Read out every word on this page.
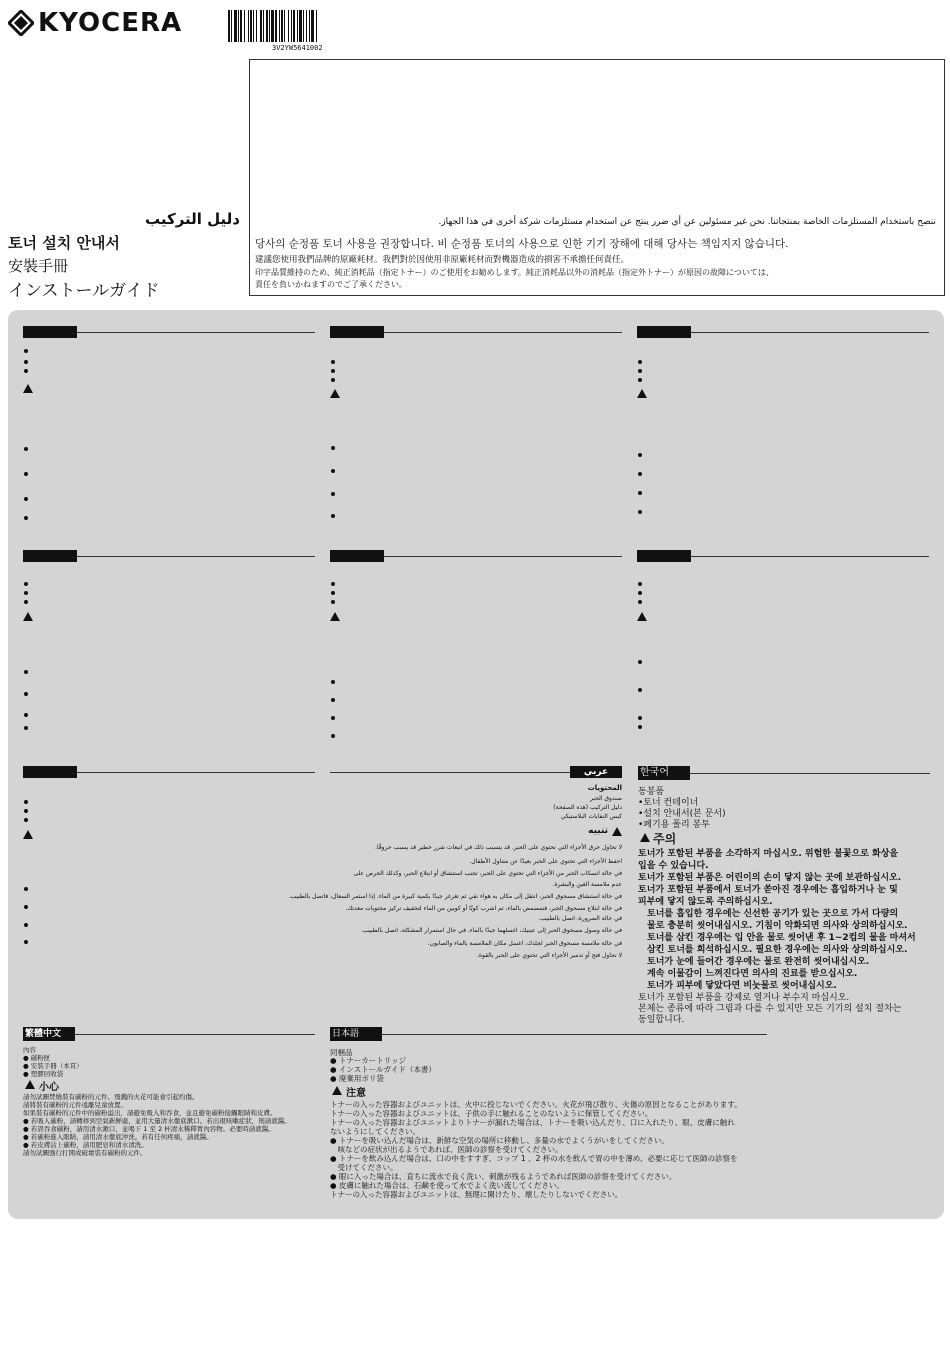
KYOCERA
3V2YW5641002
دليل التركيب
토너 설치 안내서
安裝手冊
インストールガイド
ننصح باستخدام المستلزمات الخاصة بمنتجاتنا. نحن غير مسئولين عن أي ضرر ينتج عن استخدام مستلزمات شركة أخرى في هذا الجهاز.
당사의 순정품 토너 사용을 권장합니다. 비 순정품 토너의 사용으로 인한 기기 장해에 대해 당사는 책임지지 않습니다.
建議您使用我們品牌的原廠耗材。我們對於因使用非原廠耗材而對機器造成的損害不承擔任何責任。
印字品質維持のため、純正消耗品（指定トナー）のご使用をお勧めします。純正消耗品以外の消耗品（指定外トナー）が原因の故障については、
責任を負いかねますのでご了承ください。
عربي
المحتويات
صندوق الحبر
دليل التركيب (هذه الصفحة)
كيس النفايات البلاستيكي
تنبيه
لا تحاول حرق الأجزاء التي تحتوي على الحبر. قد يتسبب ذلك في انبعاث شرر خطير قد يسبب حروقًا.
احفظ الأجزاء التي تحتوي على الحبر بعيدًا عن متناول الأطفال.
في حالة انسكاب الحبر من الأجزاء التي تحتوي على الحبر، تجنب استنشاق أو ابتلاع الحبر، وكذلك الحرص على
عدم ملامسة العين والبشرة.
في حالة استنشاق مسحوق الحبر، انتقل إلى مكان به هواء نقي ثم تغرغر جيدًا بكمية كبيرة من الماء. إذا استمر السعال، فاتصل بالطبيب.
في حالة ابتلاع مسحوق الحبر، فتمضمض بالماء، ثم اشرب كوبًا أو كوبين من الماء لتخفيف تركيز محتويات معدتك.
في حالة الضرورة، اتصل بالطبيب.
في حالة وصول مسحوق الحبر إلى عينيك، اغسلهما جيدًا بالماء. في حال استمرار المشكلة، اتصل بالطبيب.
في حالة ملامسة مسحوق الحبر لجلدك، اغسل مكان الملامسة بالماء والصابون.
لا تحاول فتح أو تدمير الأجزاء التي تحتوي على الحبر بالقوة.
한국어
동봉품
•토너 컨테이너
•설치 안내서(본 문서)
•폐기용 폴리 봉투
주의
토너가 포함된 부품을 소각하지 마십시오. 위험한 불꽃으로 화상을
입을 수 있습니다.
토너가 포함된 부품은 어린이의 손이 닿지 않는 곳에 보관하십시오.
토너가 포함된 부품에서 토너가 쏟아진 경우에는 흡입하거나 눈 및
피부에 닿지 않도록 주의하십시오.
토너를 흡입한 경우에는 신선한 공기가 있는 곳으로 가서 다량의
물로 충분히 씻어내십시오. 기침이 악화되면 의사와 상의하십시오.
토너를 삼킨 경우에는 입 안을 물로 씻어낸 후 1~2컵의 물을 마셔서
삼킨 토너를 희석하십시오. 필요한 경우에는 의사와 상의하십시오.
토너가 눈에 들어간 경우에는 물로 완전히 씻어내십시오.
계속 이물감이 느껴진다면 의사의 진료를 받으십시오.
토너가 피부에 닿았다면 비눗물로 씻어내십시오.
토너가 포함된 부품을 강제로 열거나 부수지 마십시오.
본체는 종류에 따라 그림과 다를 수 있지만 모든 기기의 설치 절차는
동일합니다.
繁體中文
內容
● 碳粉匣
● 安裝手冊（本頁）
● 塑膠回收袋
小心
請勿試圖焚燒裝有碳粉的元件。飛濺的火花可能會引起灼傷。
請將裝有碳粉的元件遠離兒童放置。
如果裝有碳粉的元件中的碳粉溢出，請避免吸入和吞食，並且避免碳粉接觸眼睛和皮膚。
● 若吸入碳粉，請轉移到空氣新鮮處，並用大量清水徹底漱口。若出現咳嗽症狀，則請就醫。
● 若誤吞食碳粉，請用清水漱口，並喝下 1 至 2 杯清水稀釋胃內容物。必要時請就醫。
● 若碳粉進入眼睛，請用清水徹底沖洗。若有任何疼痛，請就醫。
● 若皮膚沾上碳粉，請用肥皂和清水清洗。
請勿試圖強行打開或破壞裝有碳粉的元件。
日本語
同梱品
● トナーカートリッジ
● インストールガイド（本書）
● 廃棄用ポリ袋
注意
トナーの入った容器およびユニットは、火中に投じないでください。火花が飛び散り、火傷の原因となることがあります。
トナーの入った容器およびユニットは、子供の手に触れることのないように保管してください。
トナーの入った容器およびユニットよりトナーが漏れた場合は、トナーを吸い込んだり、口に入れたり、眼、皮膚に触れ
ないようにしてください。
● トナーを吸い込んだ場合は、新鮮な空気の場所に移動し、多量の水でよくうがいをしてください。
　咳などの症状が出るようであれば、医師の診察を受けてください。
● トナーを飲み込んだ場合は、口の中をすすぎ、コップ 1 、2 杯の水を飲んで胃の中を薄め、必要に応じて医師の診察を
　受けてください。
● 眼に入った場合は、直ちに流水で良く洗い、刺激が残るようであれば医師の診察を受けてください。
● 皮膚に触れた場合は、石鹸を使って水でよく洗い流してください。
トナーの入った容器およびユニットは、無理に開けたり、壊したりしないでください。
